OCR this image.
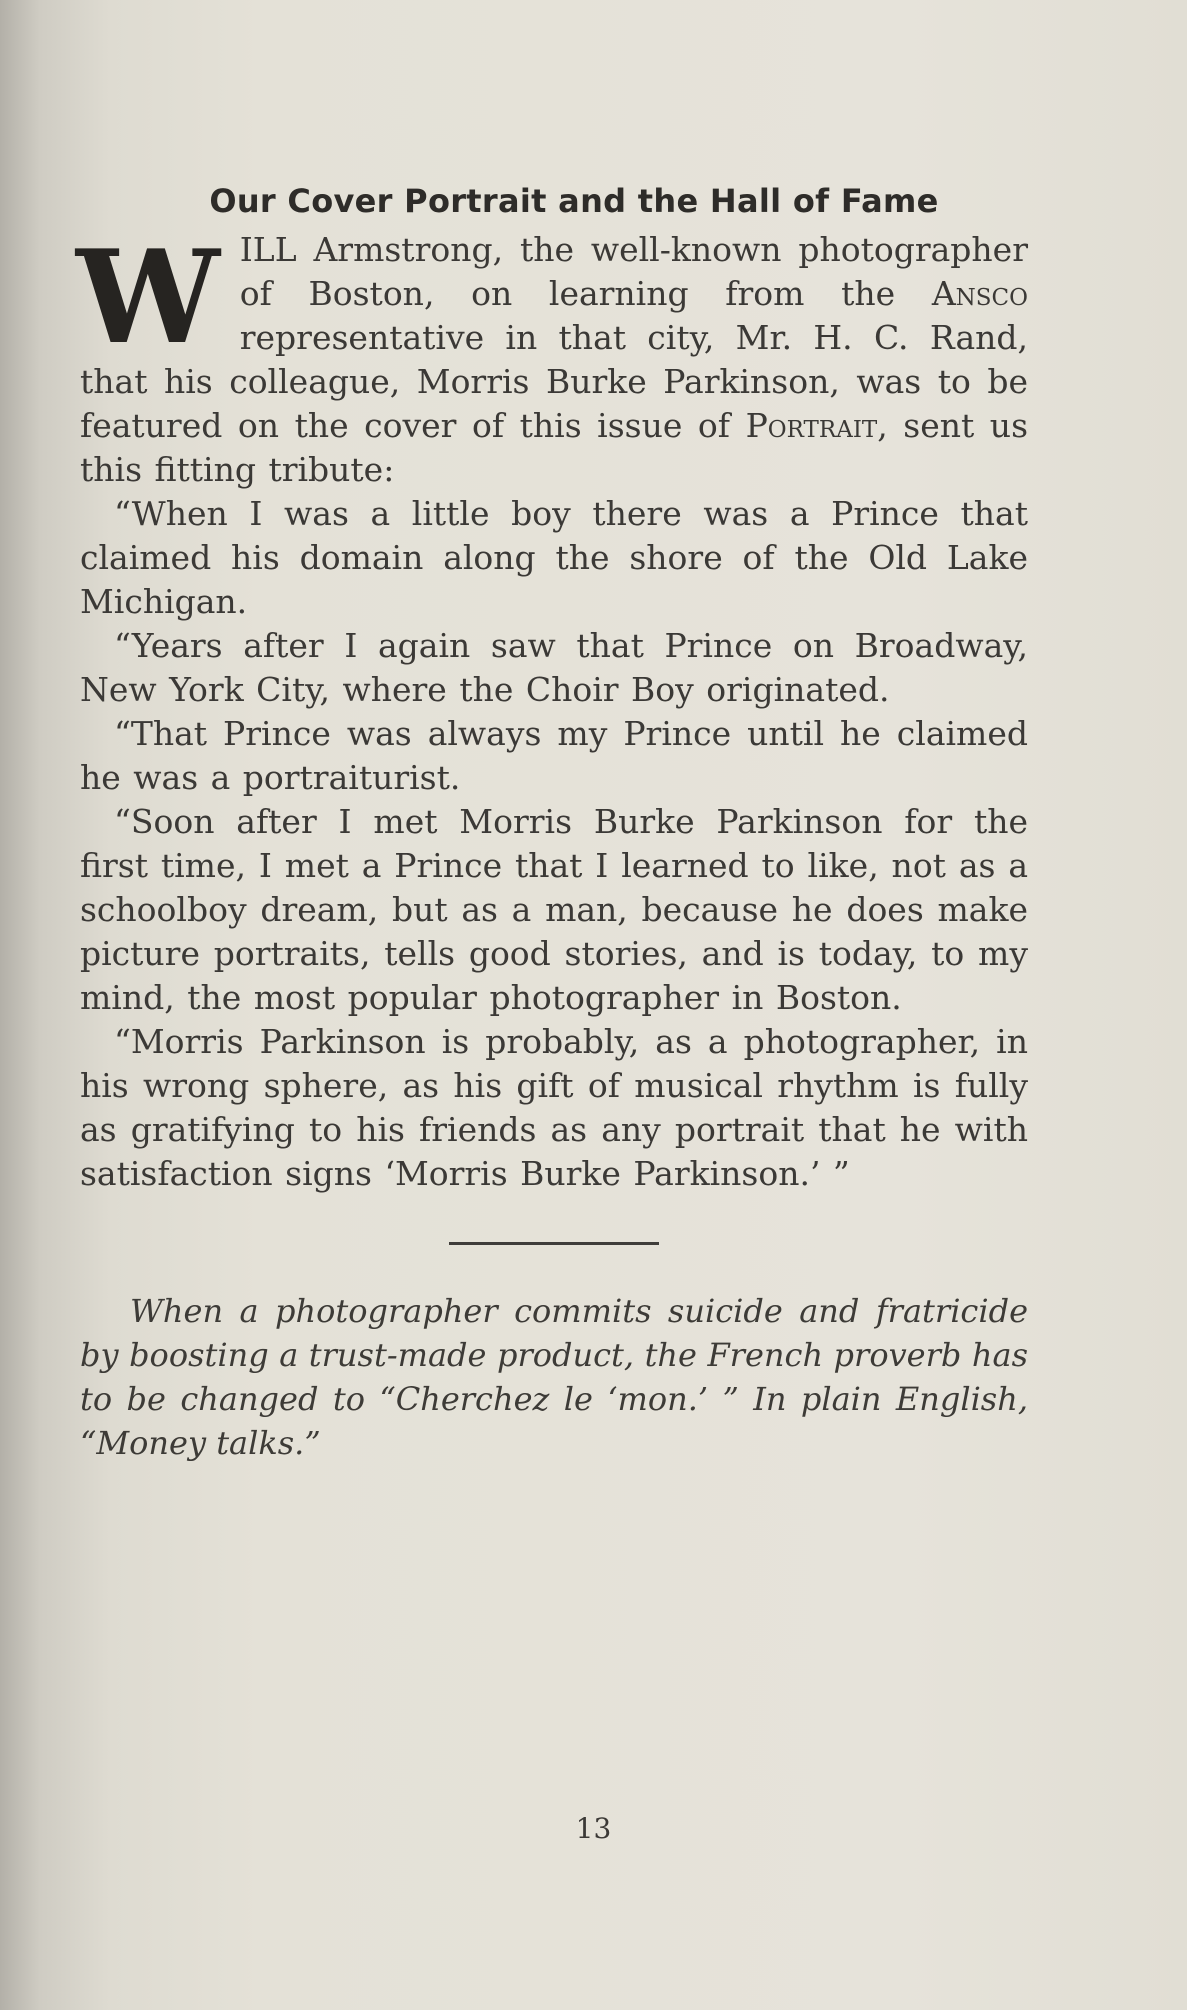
Our Cover Portrait and the Hall of Fame

WILL Armstrong, the well-known photographer of Boston, on learning from the Ansco representative in that city, Mr. H. C. Rand, that his colleague, Morris Burke Parkinson, was to be featured on the cover of this issue of Portrait, sent us this fitting tribute:

“When I was a little boy there was a Prince that claimed his domain along the shore of the Old Lake Michigan.

“Years after I again saw that Prince on Broadway, New York City, where the Choir Boy originated.

“That Prince was always my Prince until he claimed he was a portraiturist.

“Soon after I met Morris Burke Parkinson for the first time, I met a Prince that I learned to like, not as a schoolboy dream, but as a man, because he does make picture portraits, tells good stories, and is today, to my mind, the most popular photographer in Boston.

“Morris Parkinson is probably, as a photographer, in his wrong sphere, as his gift of musical rhythm is fully as gratifying to his friends as any portrait that he with satisfaction signs ‘Morris Burke Parkinson.’ ”

When a photographer commits suicide and fratricide by boosting a trust-made product, the French proverb has to be changed to “Cherchez le ‘mon.’ ” In plain English, “Money talks.”

13
